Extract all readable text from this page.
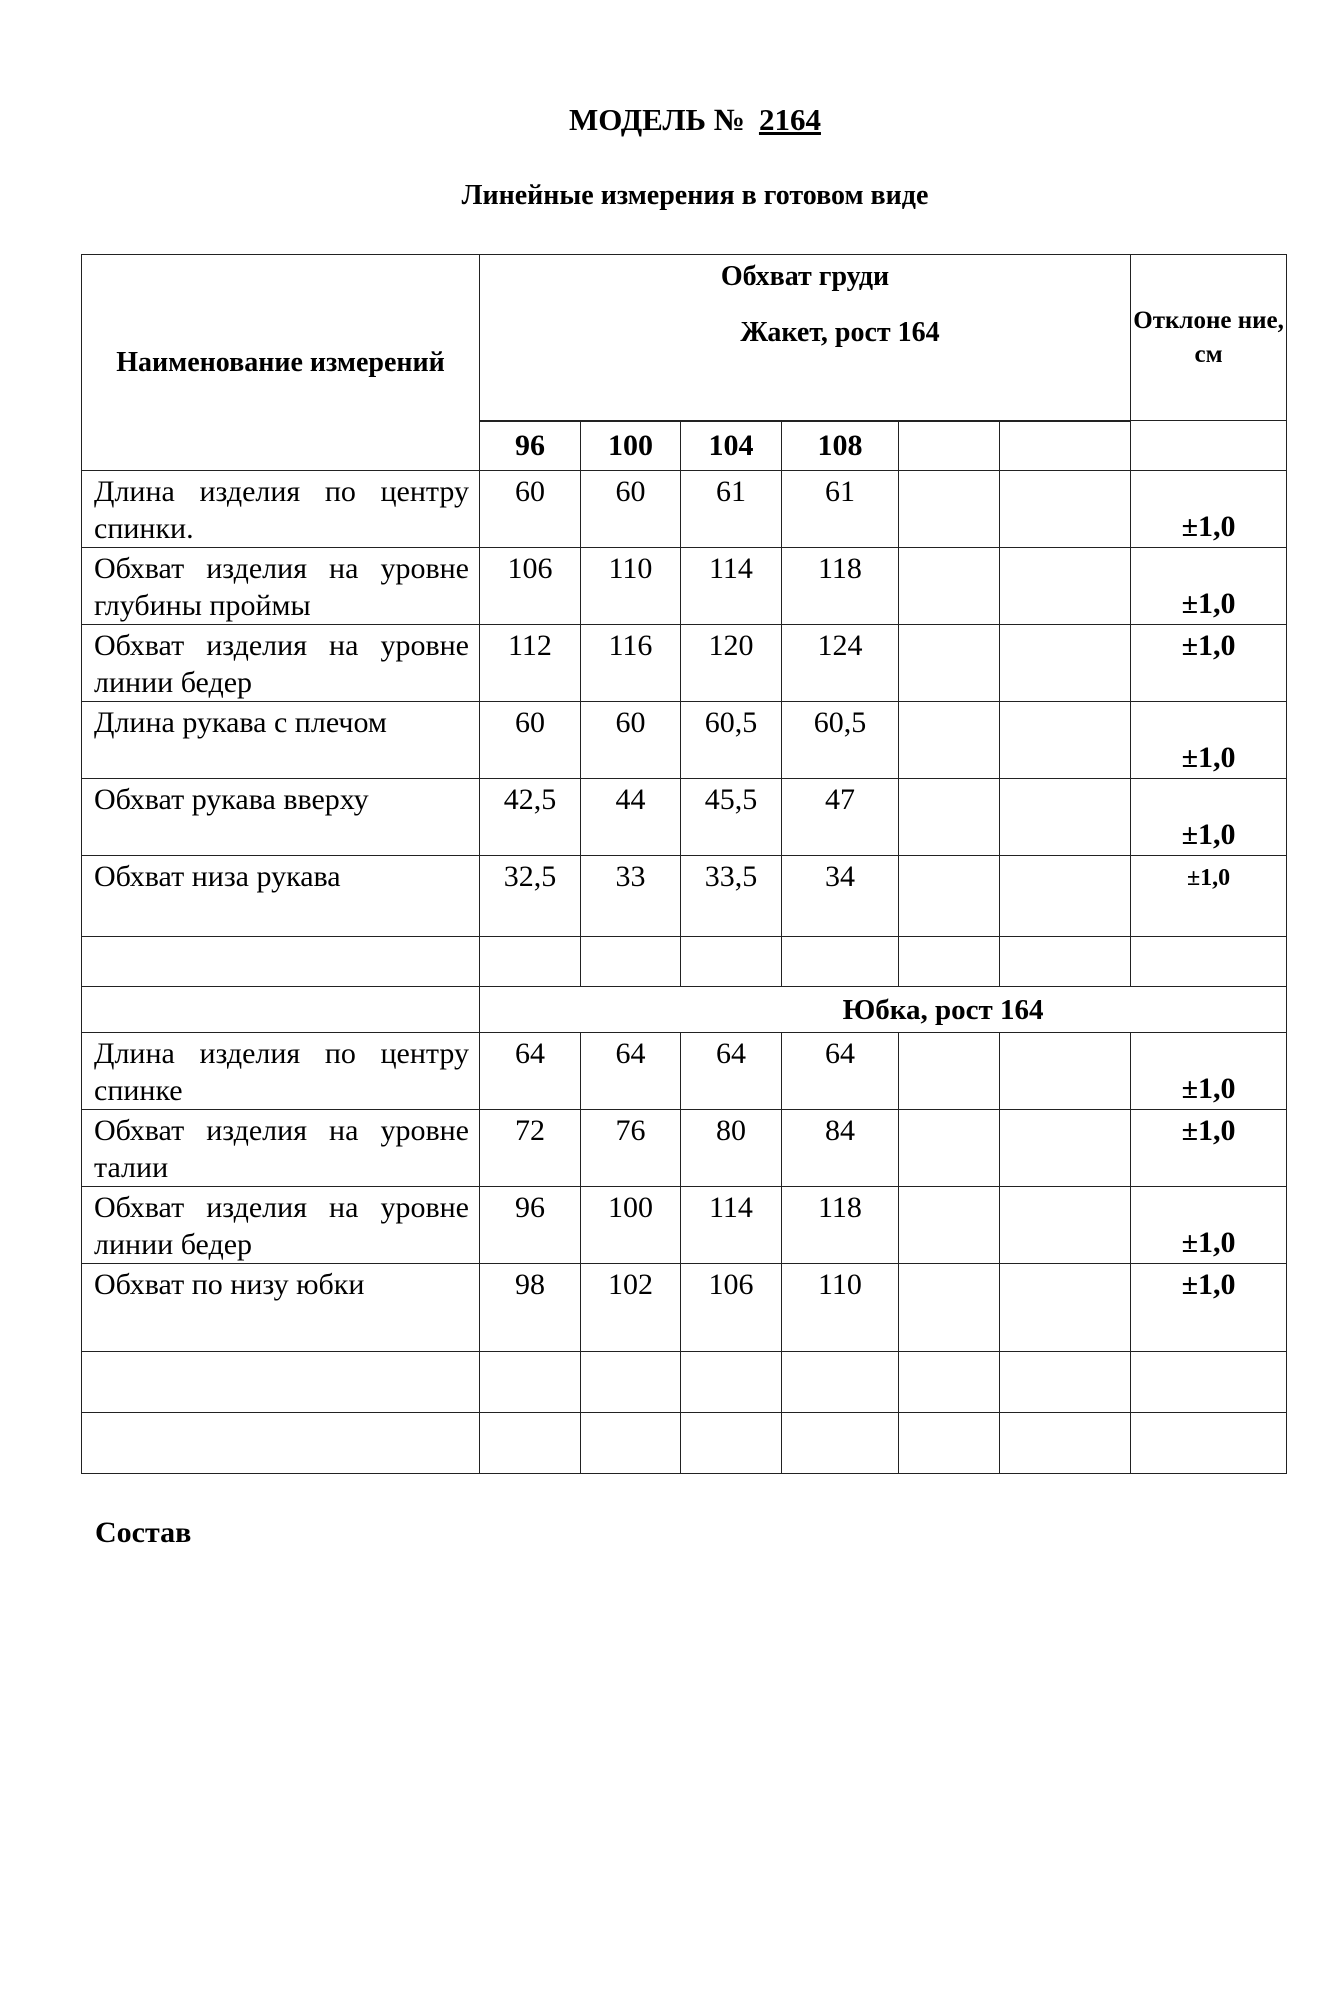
МОДЕЛЬ № 2164
Линейные измерения в готовом виде
Наименование измерений	Обхват груди
Жакет, рост 164						Отклоне ние, см
	96	100	104	108			
Длина изделия по центру спинки.	60	60	61	61			±1,0
Обхват изделия на уровне глубины проймы	106	110	114	118			±1,0
Обхват изделия на уровне линии бедер	112	116	120	124			±1,0
Длина рукава с плечом	60	60	60,5	60,5			±1,0
Обхват рукава вверху	42,5	44	45,5	47			±1,0
Обхват низа рукава	32,5	33	33,5	34			±1,0

	Юбка, рост 164						
Длина изделия по центру спинке	64	64	64	64			±1,0
Обхват изделия на уровне талии	72	76	80	84			±1,0
Обхват изделия на уровне линии бедер	96	100	114	118			±1,0
Обхват по низу юбки	98	102	106	110			±1,0

Состав
